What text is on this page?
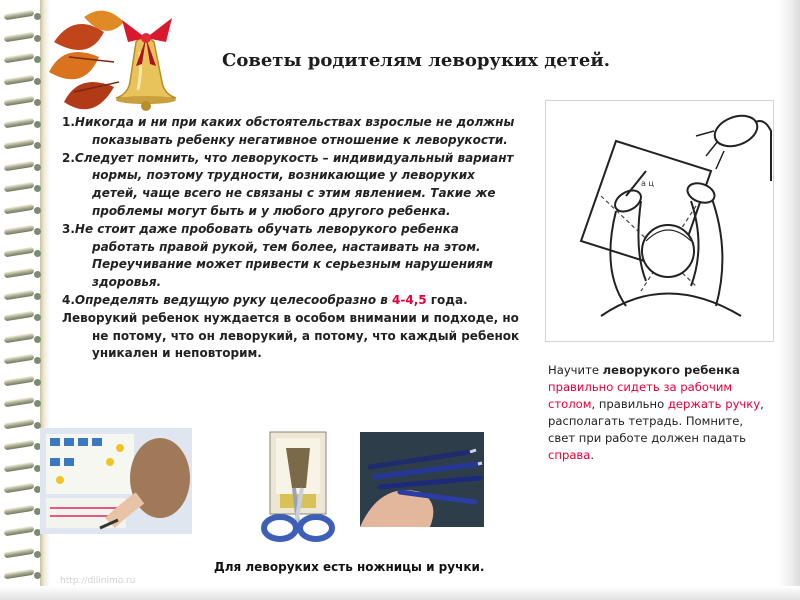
Советы родителям леворуких детей.
1.Никогда и ни при каких обстоятельствах взрослые не должны показывать ребенку негативное отношение к леворукости.
2.Следует помнить, что леворукость – индивидуальный вариант нормы, поэтому трудности, возникающие у леворуких детей, чаще всего не связаны с этим явлением. Такие же проблемы могут быть и у любого другого ребенка.
3.Не стоит даже пробовать обучать леворукого ребенка работать правой рукой, тем более, настаивать на этом. Переучивание может привести к серьезным нарушениям здоровья.
4.Определять ведущую руку целесообразно в 4-4,5 года.
Леворукий ребенок нуждается в особом внимании и подходе, но не потому, что он леворукий, а потому, что каждый ребенок уникален и неповторим.
a ц
Научите леворукого ребенка правильно сидеть за рабочим столом, правильно держать ручку, располагать тетрадь. Помните, свет при работе должен падать справа.
Для леворуких есть ножницы и ручки.
http://dilinimo.ru
